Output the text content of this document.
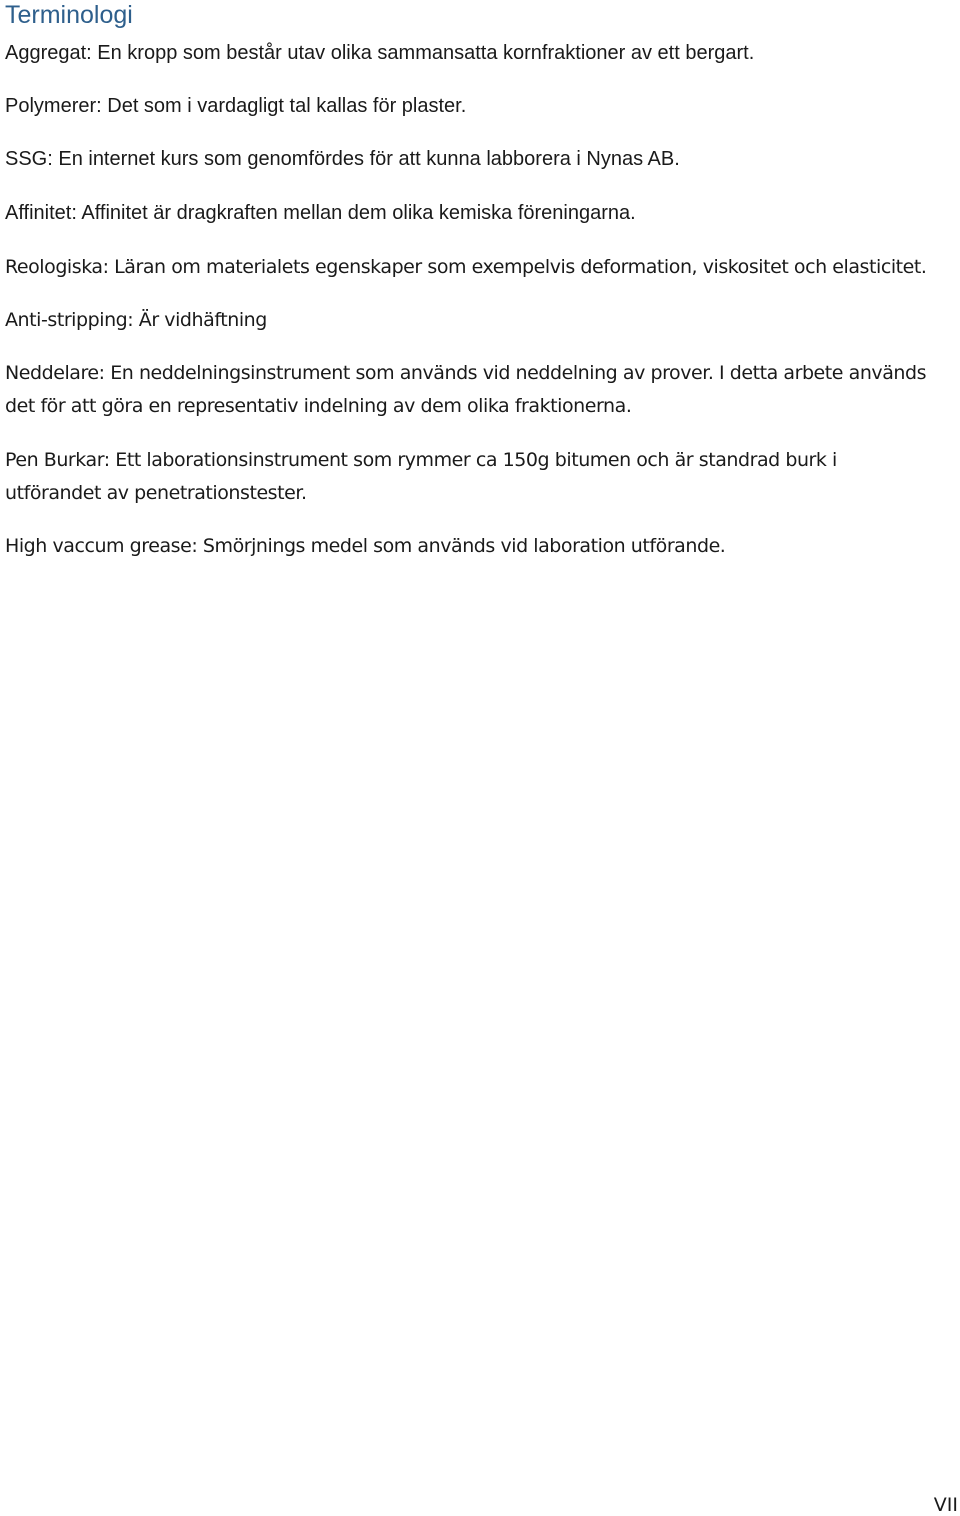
Terminologi

Aggregat: En kropp som består utav olika sammansatta kornfraktioner av ett bergart.

Polymerer: Det som i vardagligt tal kallas för plaster.

SSG: En internet kurs som genomfördes för att kunna labborera i Nynas AB.

Affinitet: Affinitet är dragkraften mellan dem olika kemiska föreningarna.

Reologiska: Läran om materialets egenskaper som exempelvis deformation, viskositet och elasticitet.

Anti-stripping: Är vidhäftning

Neddelare: En neddelningsinstrument som används vid neddelning av prover. I detta arbete används

det för att göra en representativ indelning av dem olika fraktionerna.

Pen Burkar: Ett laborationsinstrument som rymmer ca 150g bitumen och är standrad burk i

utförandet av penetrationstester.

High vaccum grease: Smörjnings medel som används vid laboration utförande.

VII
